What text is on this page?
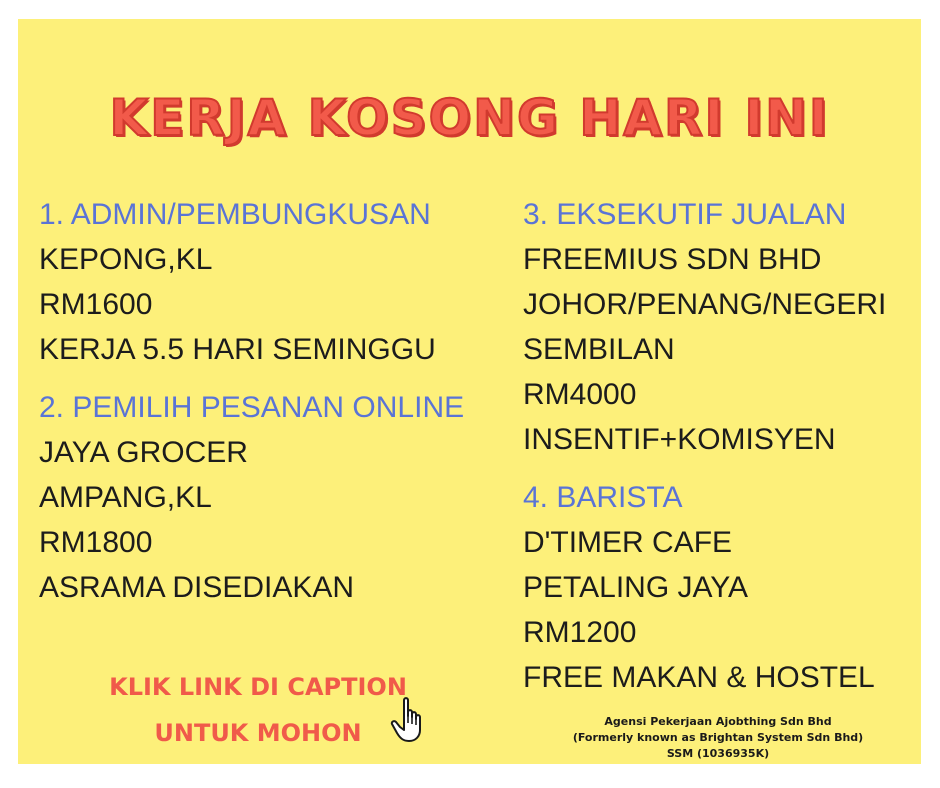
KERJA KOSONG HARI INI
1. ADMIN/PEMBUNGKUSAN
KEPONG,KL
RM1600
KERJA 5.5 HARI SEMINGGU
2. PEMILIH PESANAN ONLINE
JAYA GROCER
AMPANG,KL
RM1800
ASRAMA DISEDIAKAN
3. EKSEKUTIF JUALAN
FREEMIUS SDN BHD
JOHOR/PENANG/NEGERI
SEMBILAN
RM4000
INSENTIF+KOMISYEN
4. BARISTA
D'TIMER CAFE
PETALING JAYA
RM1200
FREE MAKAN & HOSTEL
KLIK LINK DI CAPTION
UNTUK MOHON	Agensi Pekerjaan Ajobthing Sdn Bhd
(Formerly known as Brightan System Sdn Bhd)
SSM (1036935K)
